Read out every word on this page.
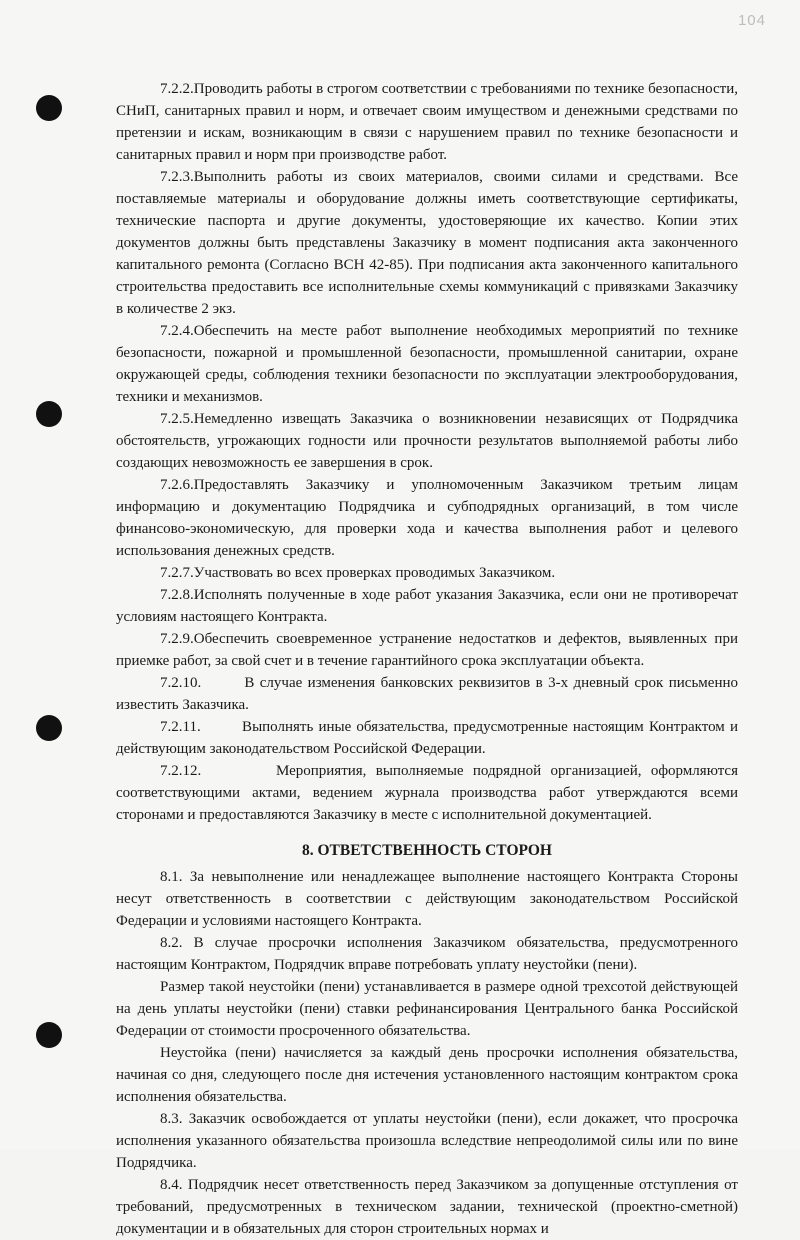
104

7.2.2.Проводить работы в строгом соответствии с требованиями по технике безопасности, СНиП, санитарных правил и норм, и отвечает своим имуществом и денежными средствами по претензии и искам, возникающим в связи с нарушением правил по технике безопасности и санитарных правил и норм при производстве работ.

7.2.3.Выполнить работы из своих материалов, своими силами и средствами. Все поставляемые материалы и оборудование должны иметь соответствующие сертификаты, технические паспорта и другие документы, удостоверяющие их качество. Копии этих документов должны быть представлены Заказчику в момент подписания акта законченного капитального ремонта (Согласно ВСН 42-85). При подписания акта законченного капитального строительства предоставить все исполнительные схемы коммуникаций с привязками Заказчику в количестве 2 экз.

7.2.4.Обеспечить на месте работ выполнение необходимых мероприятий по технике безопасности, пожарной и промышленной безопасности, промышленной санитарии, охране окружающей среды, соблюдения техники безопасности по эксплуатации электрооборудования, техники и механизмов.

7.2.5.Немедленно извещать Заказчика о возникновении независящих от Подрядчика обстоятельств, угрожающих годности или прочности результатов выполняемой работы либо создающих невозможность ее завершения в срок.

7.2.6.Предоставлять Заказчику и уполномоченным Заказчиком третьим лицам информацию и документацию Подрядчика и субподрядных организаций, в том числе финансово-экономическую, для проверки хода и качества выполнения работ и целевого использования денежных средств.

7.2.7.Участвовать во всех проверках проводимых Заказчиком.

7.2.8.Исполнять полученные в ходе работ указания Заказчика, если они не противоречат условиям настоящего Контракта.

7.2.9.Обеспечить своевременное устранение недостатков и дефектов, выявленных при приемке работ, за свой счет и в течение гарантийного срока эксплуатации объекта.

7.2.10.        В случае изменения банковских реквизитов в 3-х дневный срок письменно известить Заказчика.

7.2.11.        Выполнять иные обязательства, предусмотренные настоящим Контрактом и действующим законодательством Российской Федерации.

7.2.12.        Мероприятия, выполняемые подрядной организацией, оформляются соответствующими актами, ведением журнала производства работ утверждаются всеми сторонами и предоставляются Заказчику в месте с исполнительной документацией.

8. ОТВЕТСТВЕННОСТЬ СТОРОН

8.1. За невыполнение или ненадлежащее выполнение настоящего Контракта Стороны несут ответственность в соответствии с действующим законодательством Российской Федерации и условиями настоящего Контракта.

8.2. В случае просрочки исполнения Заказчиком обязательства, предусмотренного настоящим Контрактом, Подрядчик вправе потребовать уплату неустойки (пени).

Размер такой неустойки (пени) устанавливается в размере одной трехсотой действующей на день уплаты неустойки (пени) ставки рефинансирования Центрального банка Российской Федерации от стоимости просроченного обязательства.

Неустойка (пени) начисляется за каждый день просрочки исполнения обязательства, начиная со дня, следующего после дня истечения установленного настоящим контрактом срока исполнения обязательства.

8.3. Заказчик освобождается от уплаты неустойки (пени), если докажет, что просрочка исполнения указанного обязательства произошла вследствие непреодолимой силы или по вине Подрядчика.

8.4. Подрядчик несет ответственность перед Заказчиком за допущенные отступления от требований, предусмотренных в техническом задании, технической (проектно-сметной) документации и в обязательных для сторон строительных нормах и
